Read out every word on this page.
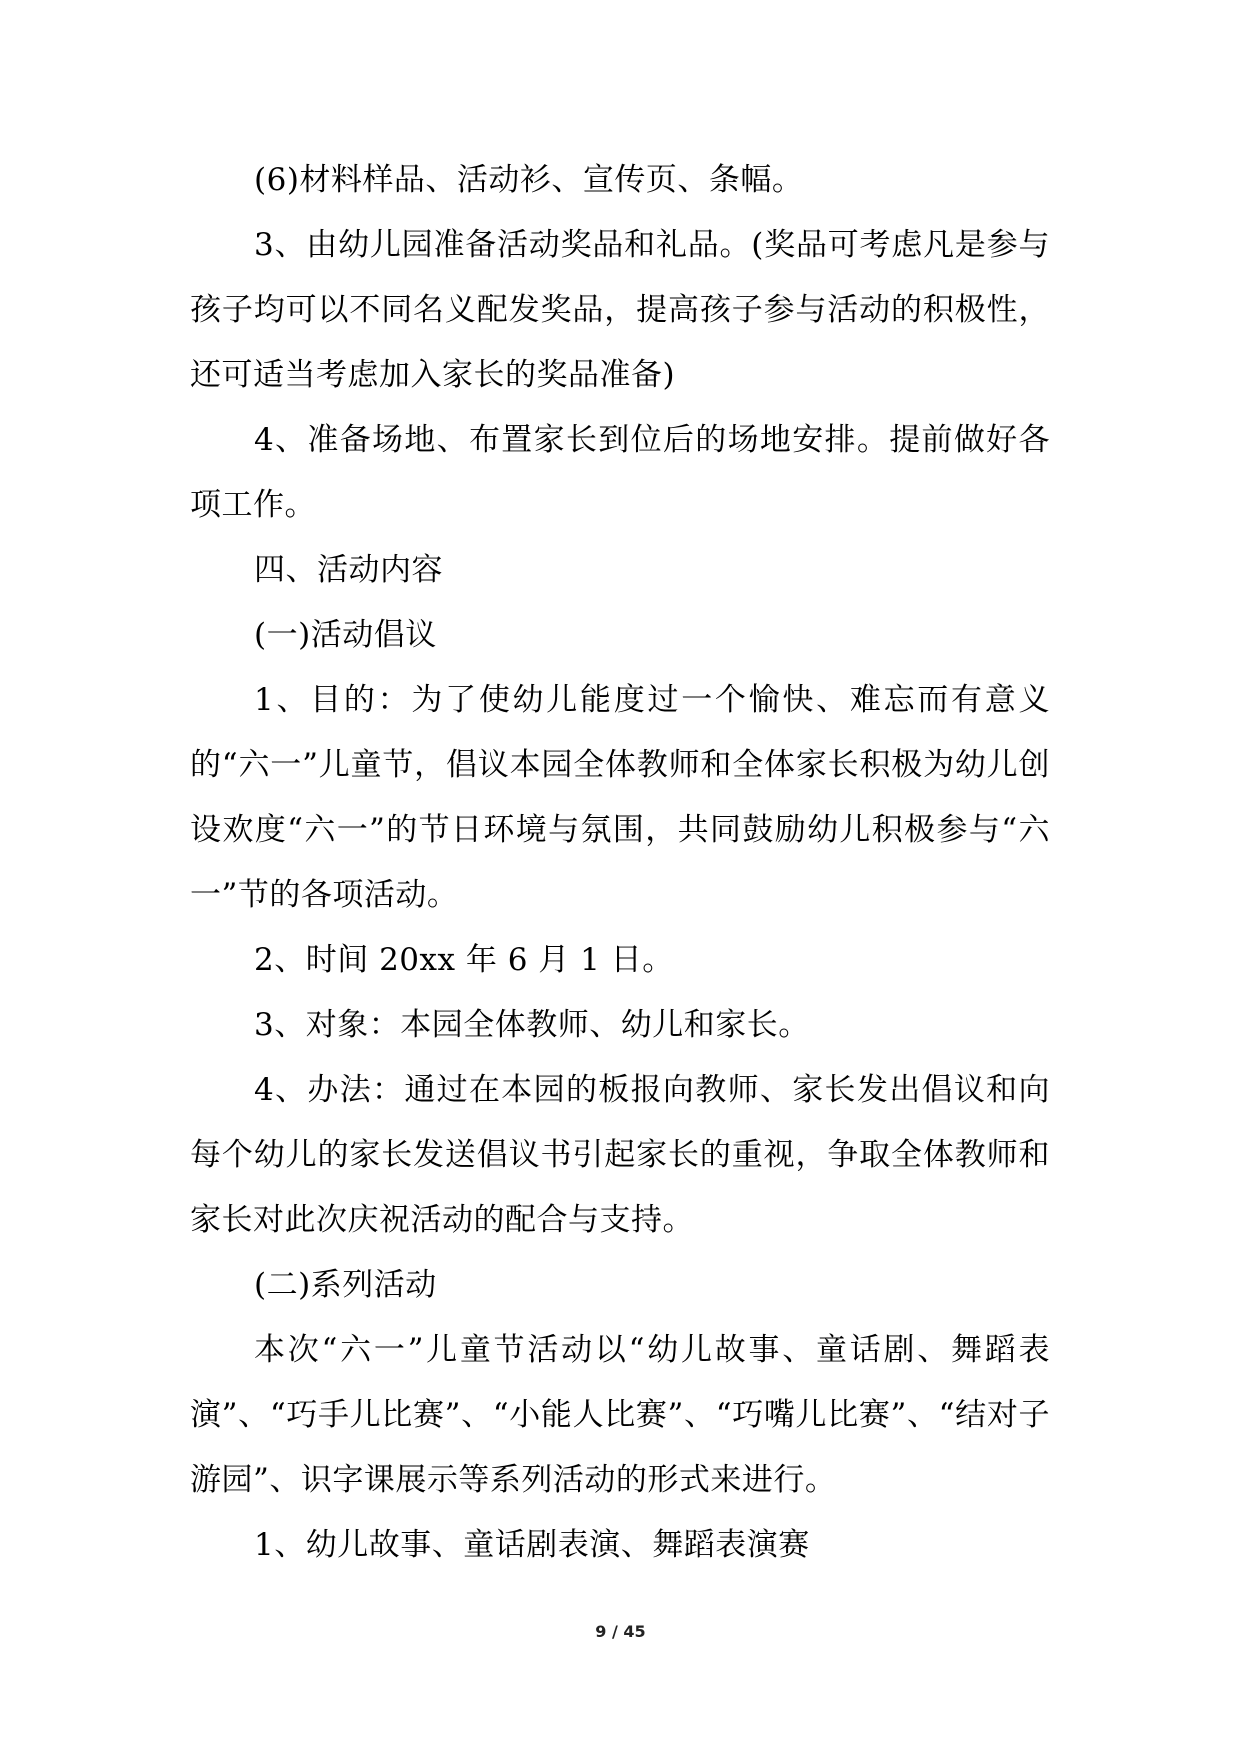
(6)材料样品、活动衫、宣传页、条幅。

3、由幼儿园准备活动奖品和礼品。(奖品可考虑凡是参与孩子均可以不同名义配发奖品，提高孩子参与活动的积极性，还可适当考虑加入家长的奖品准备)

4、准备场地、布置家长到位后的场地安排。提前做好各项工作。

四、活动内容

(一)活动倡议

1、目的：为了使幼儿能度过一个愉快、难忘而有意义的“六一”儿童节，倡议本园全体教师和全体家长积极为幼儿创设欢度“六一”的节日环境与氛围，共同鼓励幼儿积极参与“六一”节的各项活动。

2、时间 20xx 年 6 月 1 日。

3、对象：本园全体教师、幼儿和家长。

4、办法：通过在本园的板报向教师、家长发出倡议和向每个幼儿的家长发送倡议书引起家长的重视，争取全体教师和家长对此次庆祝活动的配合与支持。

(二)系列活动

本次“六一”儿童节活动以“幼儿故事、童话剧、舞蹈表演”、“巧手儿比赛”、“小能人比赛”、“巧嘴儿比赛”、“结对子游园”、识字课展示等系列活动的形式来进行。

1、幼儿故事、童话剧表演、舞蹈表演赛

9 / 45
